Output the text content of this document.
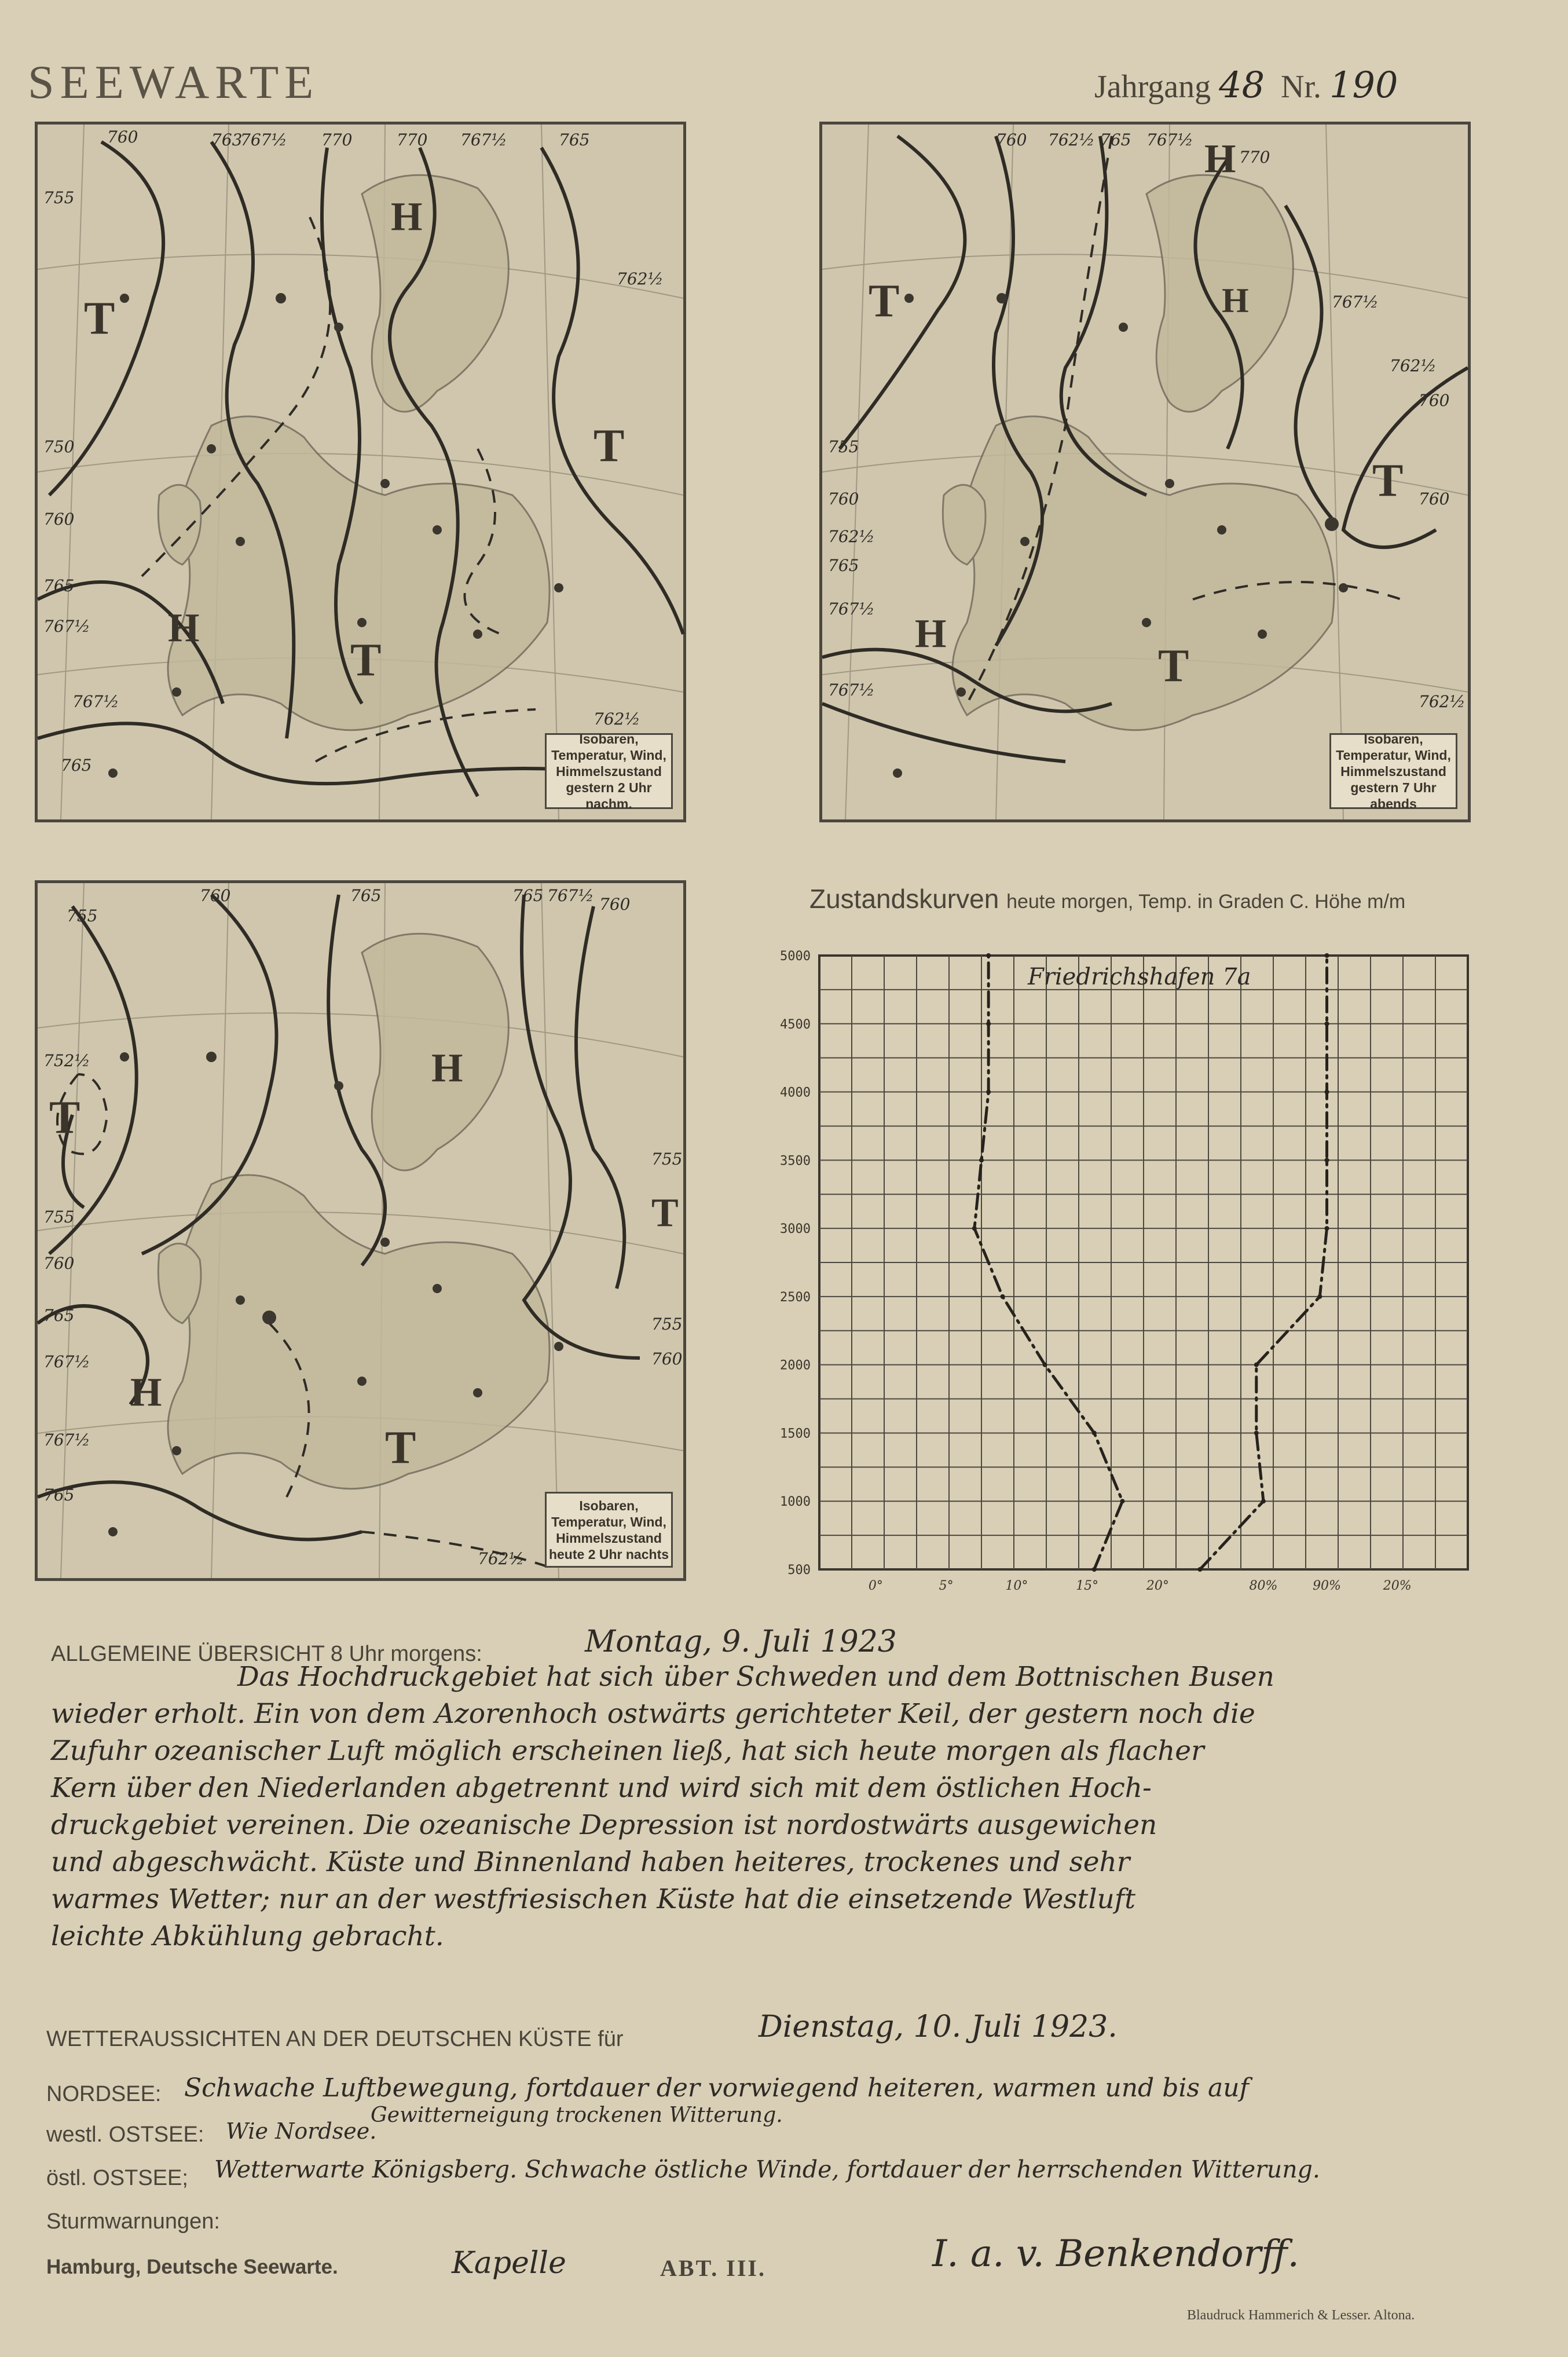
SEEWARTE	Jahrgang 48 Nr. 190
T
H
T
H
T
760	763
767½ 770	770 767½	765
755
750
760
765
767½
767½
765
762½
762½
Isobaren,
Temperatur, Wind,
Himmelszustand
gestern 2 Uhr nachm.
T
H
H
T
H
T
760 762½ 765 767½
770
767½
762½
760
755
760
762½
765
767½
767½
762½
760
Isobaren,
Temperatur, Wind,
Himmelszustand
gestern 7 Uhr abends
H
T
T
H
T
755
760	765	765 767½ 760
752½
755
760
765
767½
767½
765
755
755
760
762½
Isobaren,
Temperatur, Wind,
Himmelszustand
heute 2 Uhr nachts
Zustandskurven heute morgen, Temp. in Graden C. Höhe m/m
5000
4500
4000
3500
3000
2500
2000
1500
1000
500
0°	5°	10°	15°	20°	80%	90%	20%
Friedrichshafen 7a
ALLGEMEINE ÜBERSICHT 8 Uhr morgens:	Montag, 9. Juli 1923
Das Hochdruckgebiet hat sich über Schweden und dem Bottnischen Busen
wieder erholt. Ein von dem Azorenhoch ostwärts gerichteter Keil, der gestern noch die
Zufuhr ozeanischer Luft möglich erscheinen ließ, hat sich heute morgen als flacher
Kern über den Niederlanden abgetrennt und wird sich mit dem östlichen Hoch-
druckgebiet vereinen. Die ozeanische Depression ist nordostwärts ausgewichen
und abgeschwächt. Küste und Binnenland haben heiteres, trockenes und sehr
warmes Wetter; nur an der westfriesischen Küste hat die einsetzende Westluft
leichte Abkühlung gebracht.
WETTERAUSSICHTEN AN DER DEUTSCHEN KÜSTE für	Dienstag, 10. Juli 1923.
NORDSEE: Schwache Luftbewegung, fortdauer der vorwiegend heiteren, warmen und bis auf
Gewitterneigung trockenen Witterung.
westl. OSTSEE: Wie Nordsee.
östl. OSTSEE; Wetterwarte Königsberg. Schwache östliche Winde, fortdauer der herrschenden Witterung.
Sturmwarnungen:
Hamburg, Deutsche Seewarte.	Kapelle	ABT. III.	I. a. v. Benkendorff.
Blaudruck Hammerich & Lesser. Altona.
